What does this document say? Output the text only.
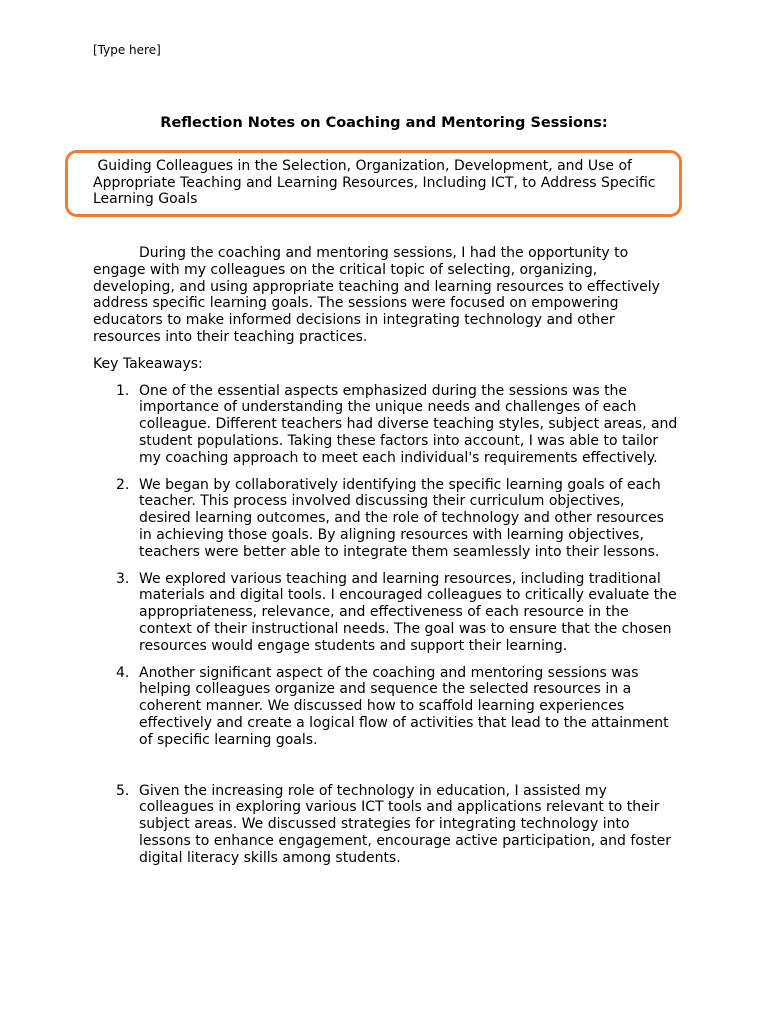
[Type here]
Reflection Notes on Coaching and Mentoring Sessions:
Guiding Colleagues in the Selection, Organization, Development, and Use of Appropriate Teaching and Learning Resources, Including ICT, to Address Specific Learning Goals

During the coaching and mentoring sessions, I had the opportunity to engage with my colleagues on the critical topic of selecting, organizing, developing, and using appropriate teaching and learning resources to effectively address specific learning goals. The sessions were focused on empowering educators to make informed decisions in integrating technology and other resources into their teaching practices.

Key Takeaways:

1. One of the essential aspects emphasized during the sessions was the importance of understanding the unique needs and challenges of each colleague. Different teachers had diverse teaching styles, subject areas, and student populations. Taking these factors into account, I was able to tailor my coaching approach to meet each individual's requirements effectively.
2. We began by collaboratively identifying the specific learning goals of each teacher. This process involved discussing their curriculum objectives, desired learning outcomes, and the role of technology and other resources in achieving those goals. By aligning resources with learning objectives, teachers were better able to integrate them seamlessly into their lessons.
3. We explored various teaching and learning resources, including traditional materials and digital tools. I encouraged colleagues to critically evaluate the appropriateness, relevance, and effectiveness of each resource in the context of their instructional needs. The goal was to ensure that the chosen resources would engage students and support their learning.
4. Another significant aspect of the coaching and mentoring sessions was helping colleagues organize and sequence the selected resources in a coherent manner. We discussed how to scaffold learning experiences effectively and create a logical flow of activities that lead to the attainment of specific learning goals.
5. Given the increasing role of technology in education, I assisted my colleagues in exploring various ICT tools and applications relevant to their subject areas. We discussed strategies for integrating technology into lessons to enhance engagement, encourage active participation, and foster digital literacy skills among students.
